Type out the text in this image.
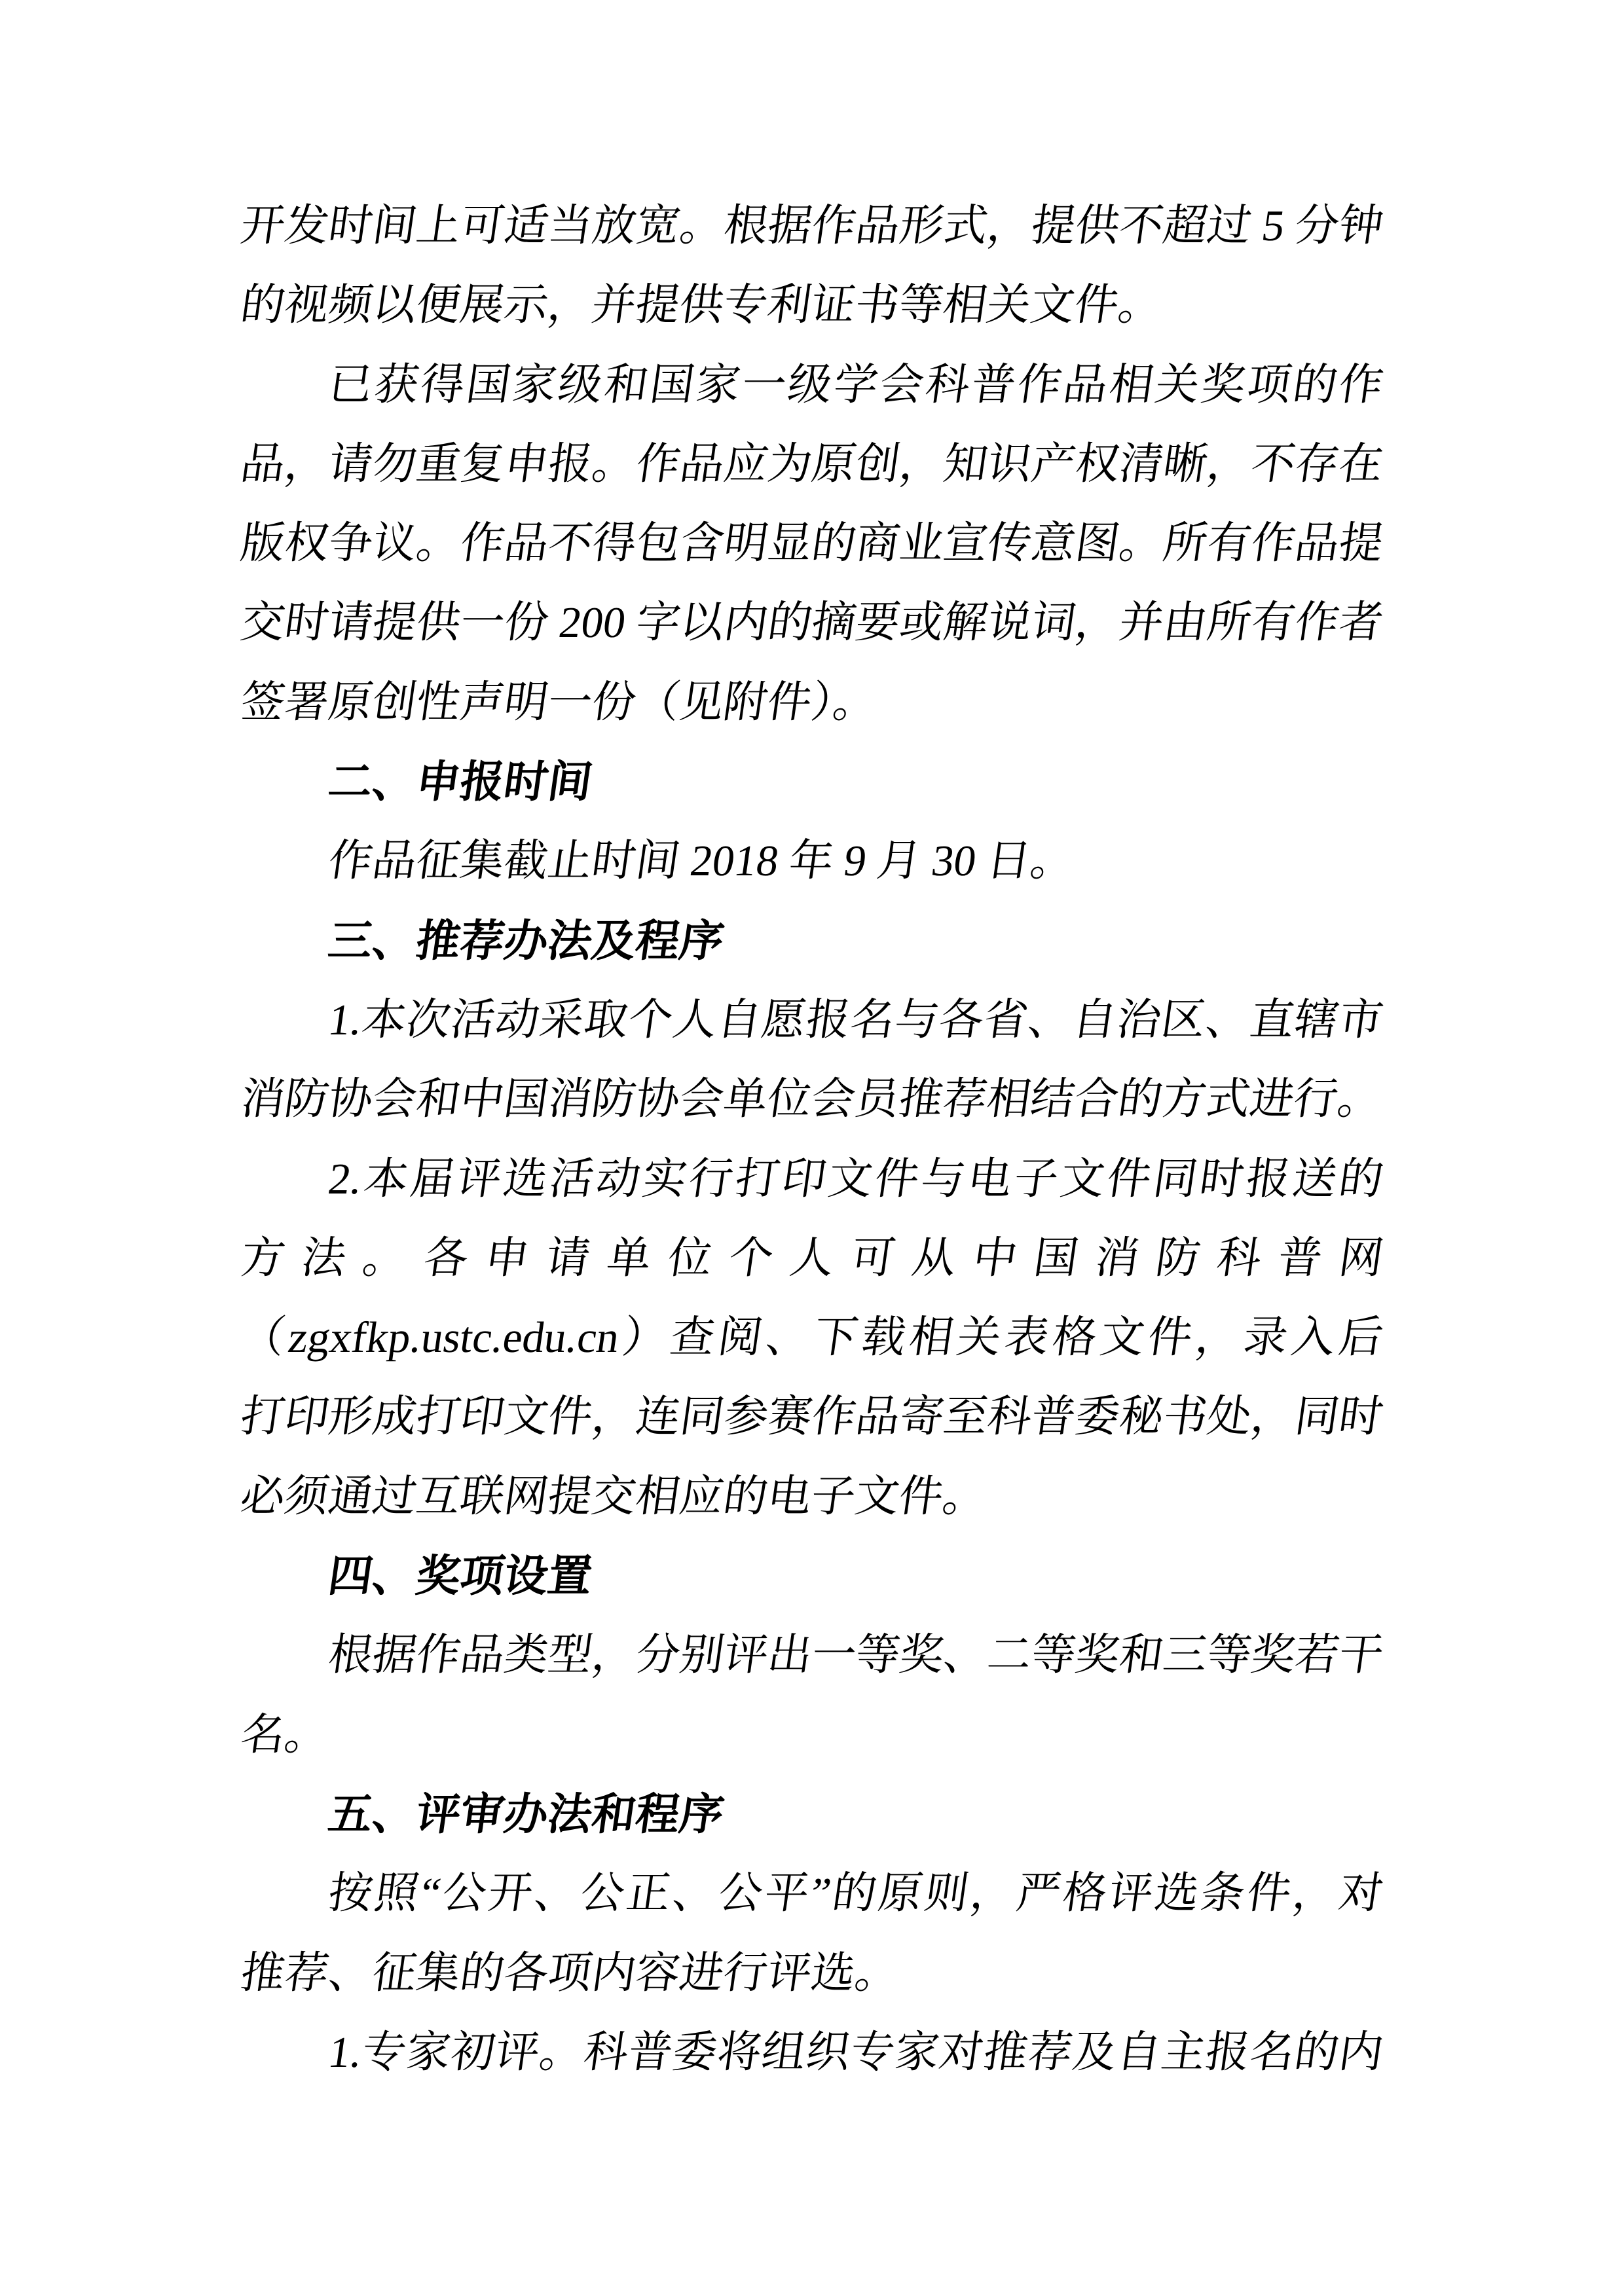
开发时间上可适当放宽。根据作品形式，提供不超过 5 分钟
的视频以便展示，并提供专利证书等相关文件。
已获得国家级和国家一级学会科普作品相关奖项的作
品，请勿重复申报。作品应为原创，知识产权清晰，不存在
版权争议。作品不得包含明显的商业宣传意图。所有作品提
交时请提供一份 200 字以内的摘要或解说词，并由所有作者
签署原创性声明一份（见附件）。
二、申报时间
作品征集截止时间 2018 年 9 月 30 日。
三、推荐办法及程序
1.本次活动采取个人自愿报名与各省、自治区、直辖市
消防协会和中国消防协会单位会员推荐相结合的方式进行。
2.本届评选活动实行打印文件与电子文件同时报送的
方法。各申请单位个人可从中国消防科普网
（zgxfkp.ustc.edu.cn）查阅、下载相关表格文件，录入后
打印形成打印文件，连同参赛作品寄至科普委秘书处，同时
必须通过互联网提交相应的电子文件。
四、奖项设置
根据作品类型，分别评出一等奖、二等奖和三等奖若干
名。
五、评审办法和程序
按照“公开、公正、公平”的原则，严格评选条件，对
推荐、征集的各项内容进行评选。
1.专家初评。科普委将组织专家对推荐及自主报名的内
